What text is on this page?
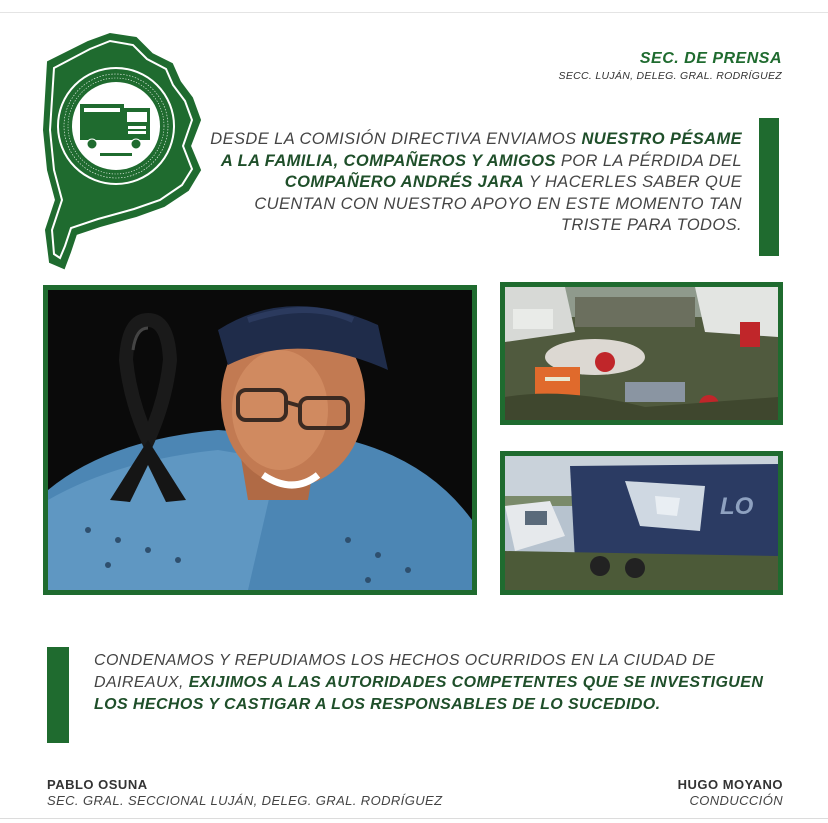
SEC. DE PRENSA
SECC. LUJÁN, DELEG. GRAL. RODRÍGUEZ
DESDE LA COMISIÓN DIRECTIVA ENVIAMOS NUESTRO PÉSAME A LA FAMILIA, COMPAÑEROS Y AMIGOS POR LA PÉRDIDA DEL COMPAÑERO ANDRÉS JARA Y HACERLES SABER QUE CUENTAN CON NUESTRO APOYO EN ESTE MOMENTO TAN TRISTE PARA TODOS.
LO
CONDENAMOS Y REPUDIAMOS LOS HECHOS OCURRIDOS EN LA CIUDAD DE DAIREAUX, EXIJIMOS A LAS AUTORIDADES COMPETENTES QUE SE INVESTIGUEN LOS HECHOS Y CASTIGAR A LOS RESPONSABLES DE LO SUCEDIDO.
PABLO OSUNA
SEC. GRAL. SECCIONAL LUJÁN, DELEG. GRAL. RODRÍGUEZ
HUGO MOYANO
CONDUCCIÓN
